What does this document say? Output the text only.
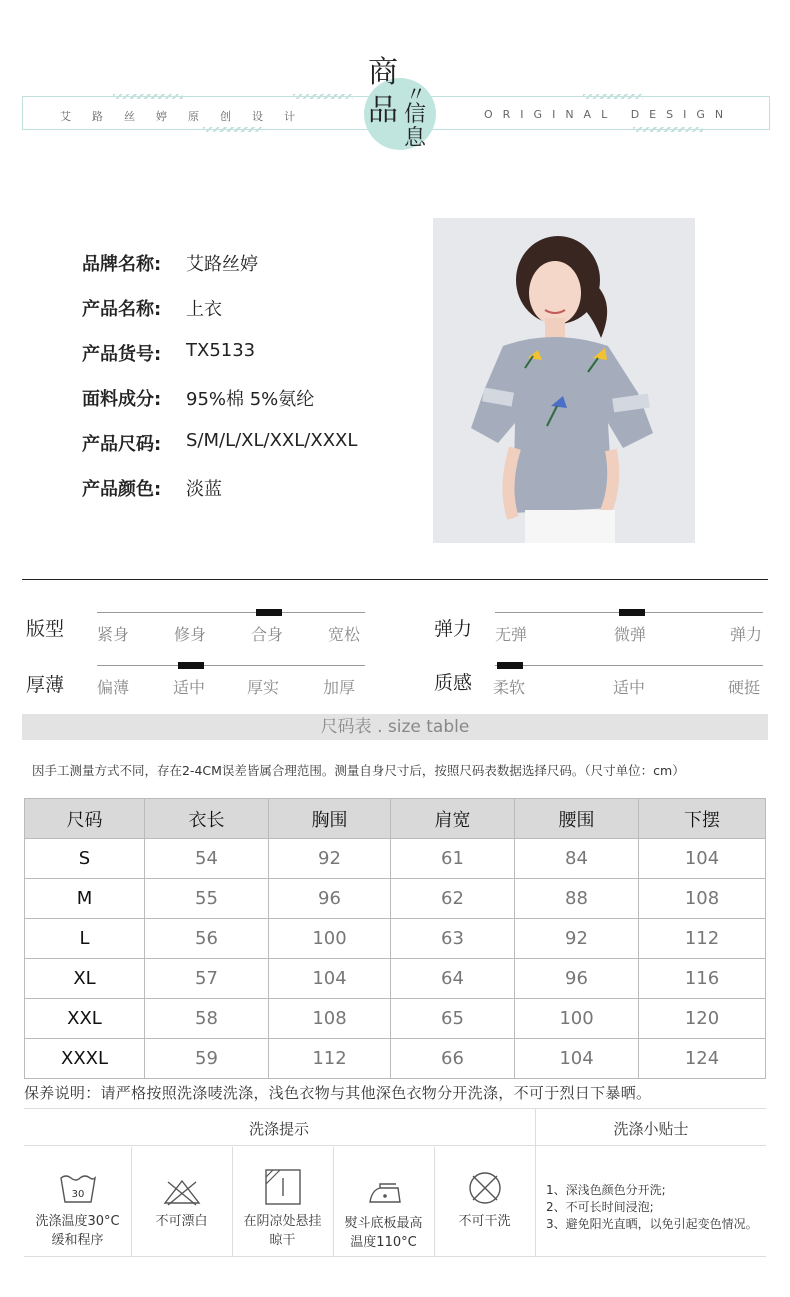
艾路丝婷原创设计	ORIGINAL DESIGN
商
品 〃
信
息
品牌名称:	艾路丝婷
产品名称:	上衣
产品货号:	TX5133
面料成分:	95%棉 5%氨纶
产品尺码:	S/M/L/XL/XXL/XXXL
产品颜色:	淡蓝
版型 紧身	修身	合身	宽松	弹力 无弹	微弹	弹力
厚薄 偏薄	适中	厚实	加厚	质感 柔软	适中	硬挺
尺码表 . size table
因手工测量方式不同，存在2-4CM误差皆属合理范围。测量自身尺寸后，按照尺码表数据选择尺码。（尺寸单位：cm）
尺码	衣长	胸围	肩宽	腰围	下摆
S	54	92	61	84	104
M	55	96	62	88	108
L	56	100	63	92	112
XL	57	104	64	96	116
XXL	58	108	65	100	120
XXXL	59	112	66	104	124
保养说明：请严格按照洗涤唛洗涤，浅色衣物与其他深色衣物分开洗涤，不可于烈日下暴晒。
洗涤提示	洗涤小贴士
30
洗涤温度30°C
缓和程序
不可漂白	在阴凉处悬挂
晾干
熨斗底板最高
温度110°C
不可干洗
1、深浅色颜色分开洗;
2、不可长时间浸泡;
3、避免阳光直晒，以免引起变色情况。
